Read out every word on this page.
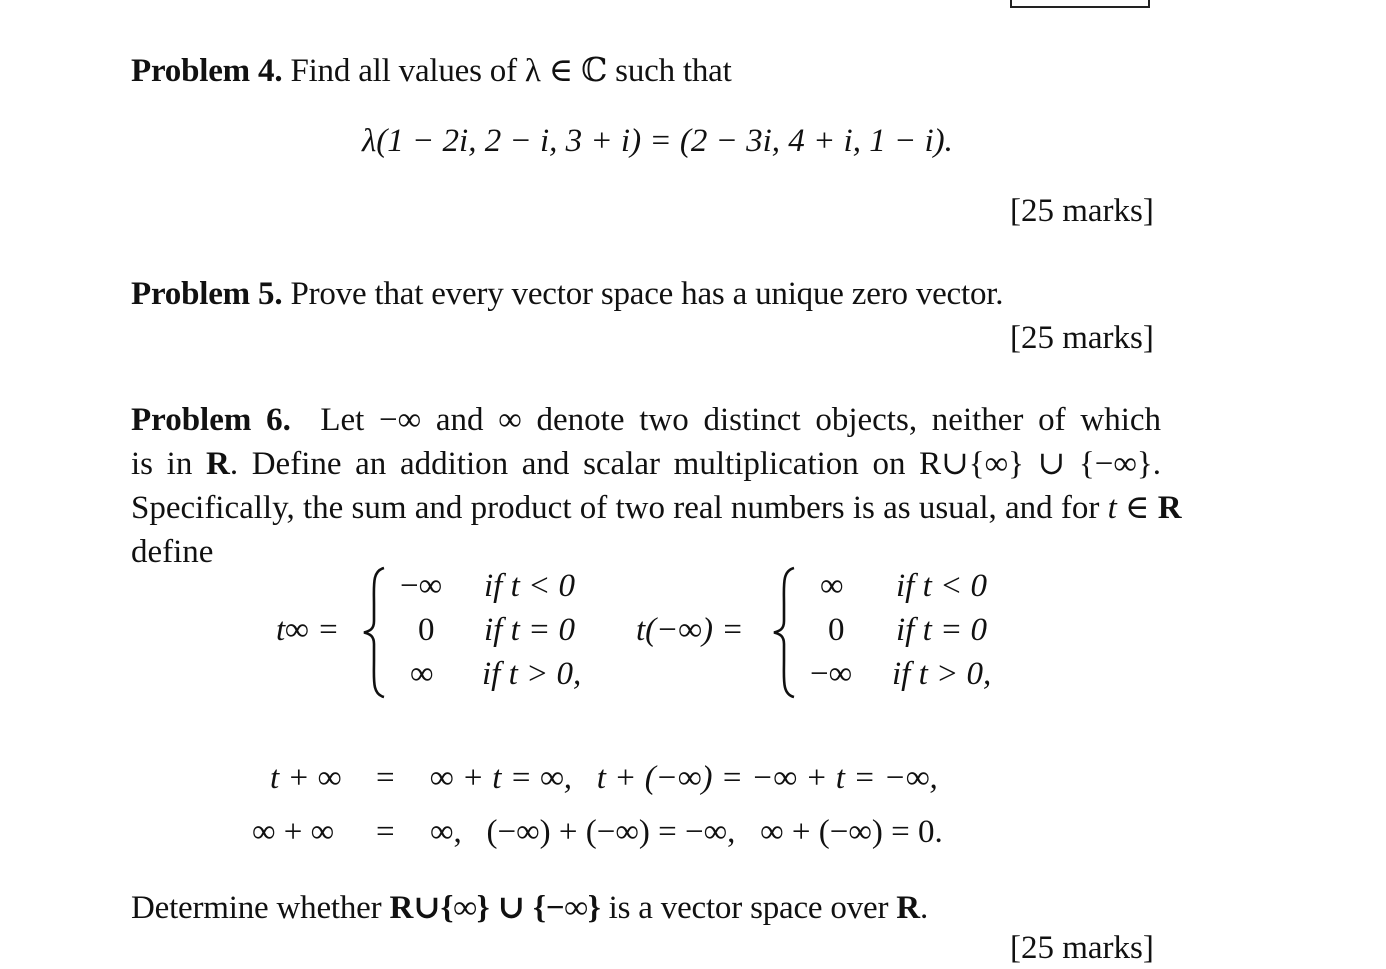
Problem 4. Find all values of λ ∈ ℂ such that
λ(1 − 2i, 2 − i, 3 + i) = (2 − 3i, 4 + i, 1 − i).
[25 marks]
Problem 5. Prove that every vector space has a unique zero vector.
[25 marks]
Problem 6. Let −∞ and ∞ denote two distinct objects, neither of which
is in R. Define an addition and scalar multiplication on R∪{∞} ∪ {−∞}.
Specifically, the sum and product of two real numbers is as usual, and for t ∈ R
define
t∞ =
−∞ if t < 0
0 if t = 0
∞ if t > 0,
t(−∞) =
∞ if t < 0
0 if t = 0
−∞ if t > 0,
t + ∞ = ∞ + t = ∞,   t + (−∞) = −∞ + t = −∞,
∞ + ∞ = ∞,   (−∞) + (−∞) = −∞,   ∞ + (−∞) = 0.
Determine whether R∪{∞} ∪ {−∞} is a vector space over R.
[25 marks]
